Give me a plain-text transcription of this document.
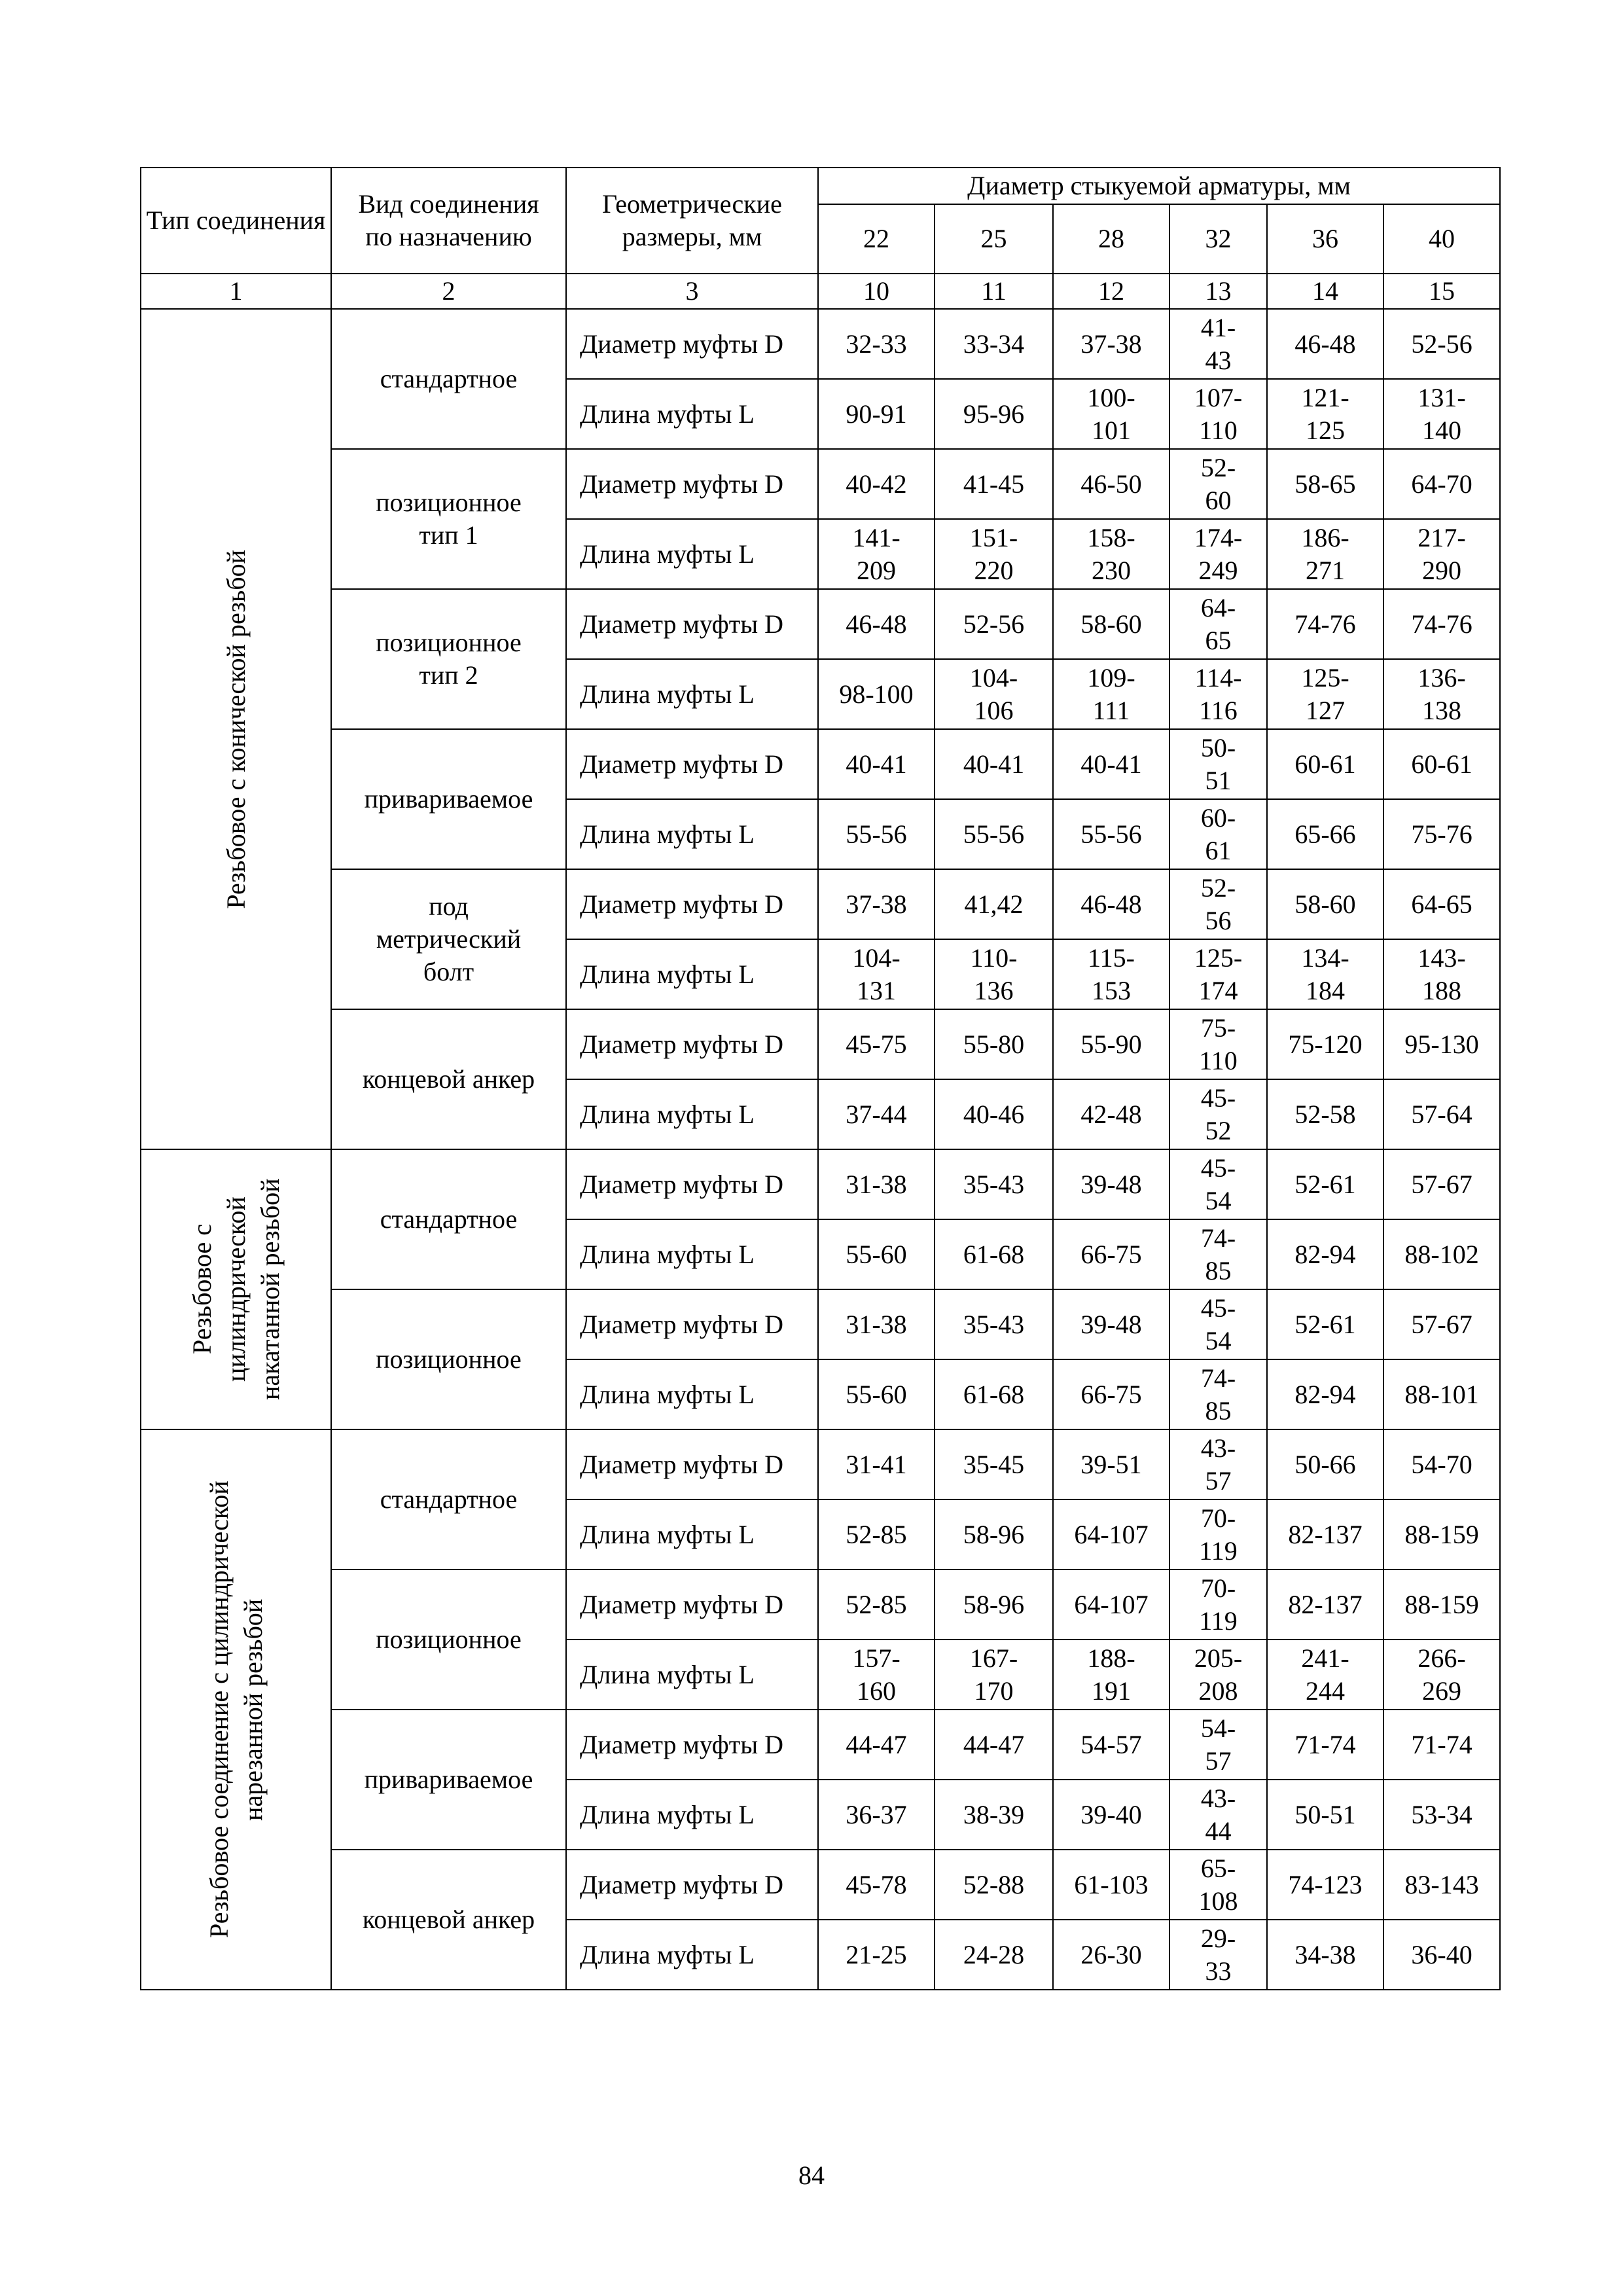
Тип соединения	Вид соединения по назначению	Геометрические размеры, мм	Диаметр стыкуемой арматуры, мм					
			22	25	28	32	36	40
1	2	3	10	11	12	13	14	15

Резьбовое с конической резьбой	стандартное	Диаметр муфты D	32-33	33-34	37-38	41-43	46-48	52-56
		Длина муфты L	90-91	95-96	100-101	107-110	121-125	131-140
	позиционное тип 1	Диаметр муфты D	40-42	41-45	46-50	52-60	58-65	64-70
		Длина муфты L	141-209	151-220	158-230	174-249	186-271	217-290
	позиционное тип 2	Диаметр муфты D	46-48	52-56	58-60	64-65	74-76	74-76
		Длина муфты L	98-100	104-106	109-111	114-116	125-127	136-138
	привариваемое	Диаметр муфты D	40-41	40-41	40-41	50-51	60-61	60-61
		Длина муфты L	55-56	55-56	55-56	60-61	65-66	75-76
	под метрический болт	Диаметр муфты D	37-38	41,42	46-48	52-56	58-60	64-65
		Длина муфты L	104-131	110-136	115-153	125-174	134-184	143-188
	концевой анкер	Диаметр муфты D	45-75	55-80	55-90	75-110	75-120	95-130
		Длина муфты L	37-44	40-46	42-48	45-52	52-58	57-64

Резьбовое с цилиндрической накатанной резьбой	стандартное	Диаметр муфты D	31-38	35-43	39-48	45-54	52-61	57-67
		Длина муфты L	55-60	61-68	66-75	74-85	82-94	88-102
	позиционное	Диаметр муфты D	31-38	35-43	39-48	45-54	52-61	57-67
		Длина муфты L	55-60	61-68	66-75	74-85	82-94	88-101

Резьбовое соединение с цилиндрической нарезанной резьбой	стандартное	Диаметр муфты D	31-41	35-45	39-51	43-57	50-66	54-70
		Длина муфты L	52-85	58-96	64-107	70-119	82-137	88-159
	позиционное	Диаметр муфты D	52-85	58-96	64-107	70-119	82-137	88-159
		Длина муфты L	157-160	167-170	188-191	205-208	241-244	266-269
	привариваемое	Диаметр муфты D	44-47	44-47	54-57	54-57	71-74	71-74
		Длина муфты L	36-37	38-39	39-40	43-44	50-51	53-34
	концевой анкер	Диаметр муфты D	45-78	52-88	61-103	65-108	74-123	83-143
		Длина муфты L	21-25	24-28	26-30	29-33	34-38	36-40
84
